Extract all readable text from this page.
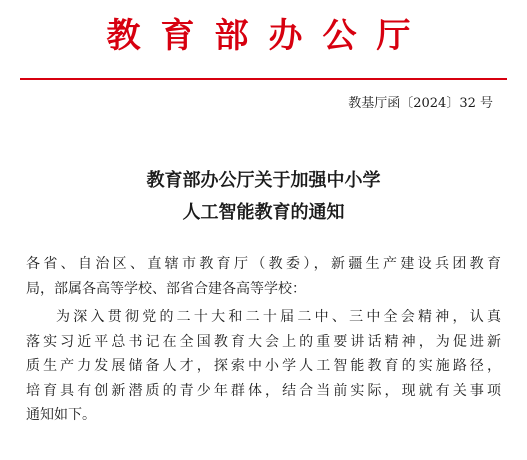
教育部办公厅
教基厅函〔2024〕32 号
教育部办公厅关于加强中小学
人工智能教育的通知
各省、自治区、直辖市教育厅（教委），新疆生产建设兵团教育
局，部属各高等学校、部省合建各高等学校：
为深入贯彻党的二十大和二十届二中、三中全会精神，认真
落实习近平总书记在全国教育大会上的重要讲话精神，为促进新
质生产力发展储备人才，探索中小学人工智能教育的实施路径，
培育具有创新潜质的青少年群体，结合当前实际，现就有关事项
通知如下。
